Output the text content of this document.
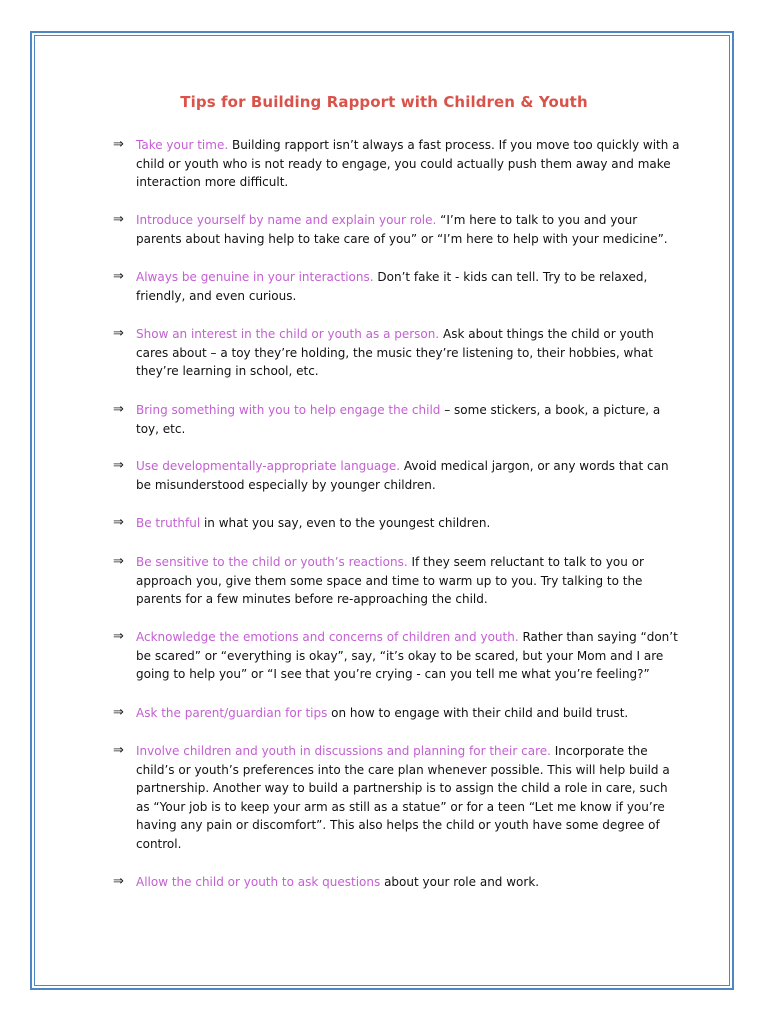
Tips for Building Rapport with Children & Youth
⇒	Take your time. Building rapport isn’t always a fast process. If you move too quickly with a child or youth who is not ready to engage, you could actually push them away and make interaction more difficult.
⇒	Introduce yourself by name and explain your role. “I’m here to talk to you and your parents about having help to take care of you” or “I’m here to help with your medicine”.
⇒	Always be genuine in your interactions. Don’t fake it - kids can tell. Try to be relaxed, friendly, and even curious.
⇒	Show an interest in the child or youth as a person. Ask about things the child or youth cares about – a toy they’re holding, the music they’re listening to, their hobbies, what they’re learning in school, etc.
⇒	Bring something with you to help engage the child – some stickers, a book, a picture, a toy, etc.
⇒	Use developmentally-appropriate language. Avoid medical jargon, or any words that can be misunderstood especially by younger children.
⇒	Be truthful in what you say, even to the youngest children.
⇒	Be sensitive to the child or youth’s reactions. If they seem reluctant to talk to you or approach you, give them some space and time to warm up to you. Try talking to the parents for a few minutes before re-approaching the child.
⇒	Acknowledge the emotions and concerns of children and youth. Rather than saying “don’t be scared” or “everything is okay”, say, “it’s okay to be scared, but your Mom and I are going to help you” or “I see that you’re crying - can you tell me what you’re feeling?”
⇒	Ask the parent/guardian for tips on how to engage with their child and build trust.
⇒	Involve children and youth in discussions and planning for their care. Incorporate the child’s or youth’s preferences into the care plan whenever possible. This will help build a partnership. Another way to build a partnership is to assign the child a role in care, such as “Your job is to keep your arm as still as a statue” or for a teen “Let me know if you’re having any pain or discomfort”. This also helps the child or youth have some degree of control.
⇒	Allow the child or youth to ask questions about your role and work.
